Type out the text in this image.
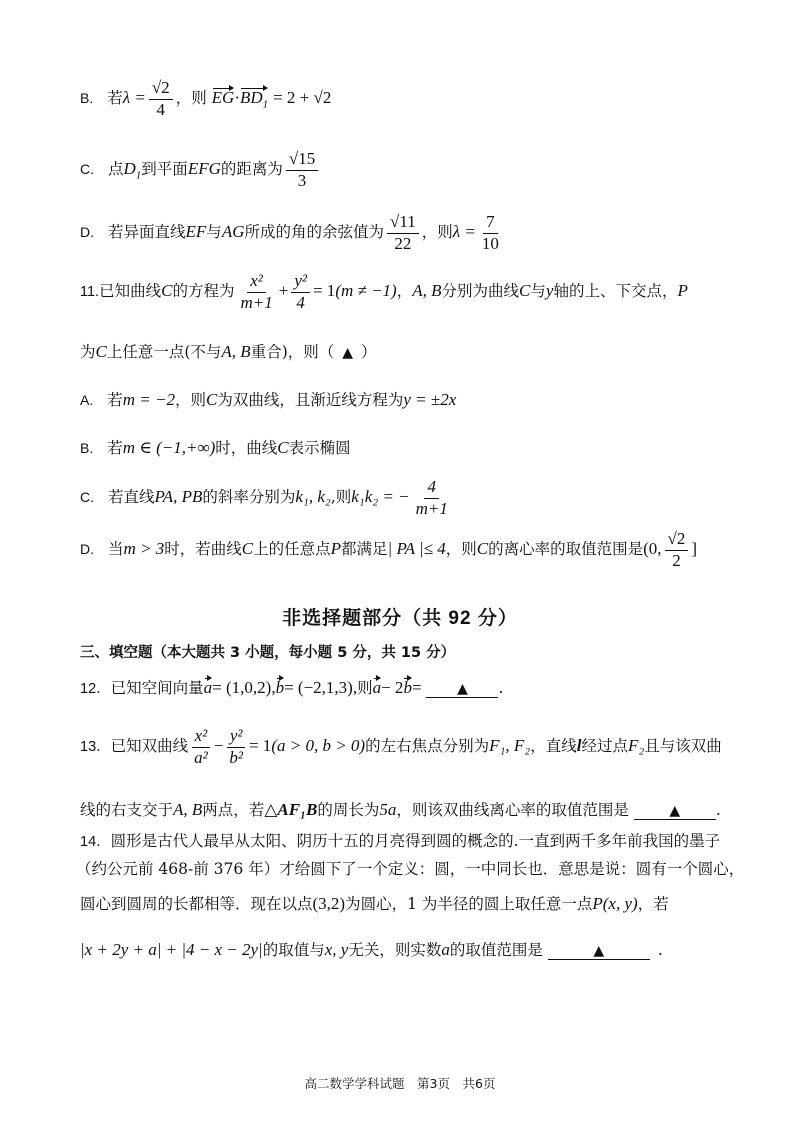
B. 若$\lambda = \frac{√2}{4}$ ，则 $EG\cdot BD_1 = 2 + √2$
C. 点$D_1$到平面EFG的距离为 $\frac{√15}{3}$
D. 若异面直线EF与AG所成的角的余弦值为 $\frac{√11}{22}$ ，则$\lambda = \frac{7}{10}$
11.已知曲线C的方程为 $\frac{\text{x²}}{m+1} + \frac{\text{y²}}{4} = 1(m \ne -1)$，A, B分别为曲线C与y轴的上、下交点，P
为C上任意一点(不与A, B重合)，则（ ▲ ）
A. 若m = −2，则C为双曲线，且渐近线方程为y = ±2x
B. 若m ∈ (−1,+∞)时，曲线C表示椭圆
C. 若直线PA, PB的斜率分别为k₁, k₂,则k₁k₂ = − $\frac{4}{m+1}$
D. 当m > 3时，若曲线C上的任意点P都满足| PA |≤ 4，则C的离心率的取值范围是(0, $\frac{√2}{2}$ ]
非选择题部分（共 92 分）
三、填空题（本大题共 3 小题，每小题 5 分，共 15 分）
12．已知空间向量a= (1,0,2),b= (−2,1,3),则a− 2b=	▲ .
13．已知双曲线 $\frac{\text{x²}}{\text{a²}} - \frac{\text{y²}}{\text{b²}} = 1(a > 0$, b > 0)的左右焦点分别为F₁, F₂，直线l经过点F₂且与该双曲
线的右支交于A, B两点，若△AF₁B的周长为5a，则该双曲线离心率的取值范围是	▲ .
14．圆形是古代人最早从太阳、阴历十五的月亮得到圆的概念的.一直到两千多年前我国的墨子
（约公元前 468-前 376 年）才给圆下了一个定义：圆，一中同长也．意思是说：圆有一个圆心，
圆心到圆周的长都相等．现在以点(3,2)为圆心，1 为半径的圆上取任意一点P(x, y)，若
|x + 2y + a| + |4 − x − 2y|的取值与x, y无关，则实数a的取值范围是	▲	.
高二数学学科试题　第3页　共6页
